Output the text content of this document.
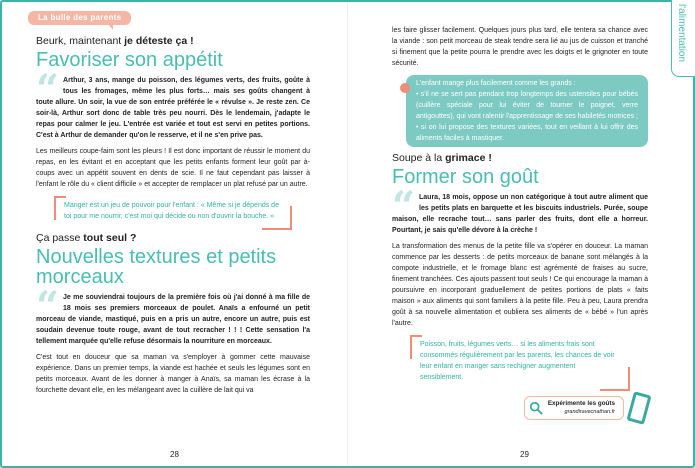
La bulle des parents
Beurk, maintenant je déteste ça !
Favoriser son appétit
“ Arthur, 3 ans, mange du poisson, des légumes verts, des fruits, goûte à tous les fromages, même les plus forts… mais ses goûts changent à toute allure. Un soir, la vue de son entrée préférée le « révulse ». Je reste zen. Ce soir-là, Arthur sort donc de table très peu nourri. Dès le lendemain, j'adapte le repas pour calmer le jeu. L'entrée est variée et tout est servi en petites portions. C'est à Arthur de demander qu'on le resserve, et il ne s'en prive pas.
Les meilleurs coupe-faim sont les pleurs ! Il est donc important de réussir le moment du repas, en les évitant et en acceptant que les petits enfants forment leur goût par à-coups avec un appétit souvent en dents de scie. Il ne faut cependant pas laisser à l'enfant le rôle du « client difficile » et accepter de remplacer un plat refusé par un autre.
Manger est un jeu de pouvoir pour l'enfant : « Même si je dépends de toi pour me nourrir, c'est moi qui décide ou non d'ouvrir la bouche. »
Ça passe tout seul ?
Nouvelles textures et petits morceaux
“ Je me souviendrai toujours de la première fois où j'ai donné à ma fille de 18 mois ses premiers morceaux de poulet. Anaïs a enfourné un petit morceau de viande, mastiqué, puis en a pris un autre, encore un autre, puis est soudain devenue toute rouge, avant de tout recracher ! ! ! Cette sensation l'a tellement marquée qu'elle refuse désormais la nourriture en morceaux.
C'est tout en douceur que sa maman va s'employer à gommer cette mauvaise expérience. Dans un premier temps, la viande est hachée et seuls les légumes sont en petits morceaux. Avant de les donner à manger à Anaïs, sa maman les écrase à la fourchette devant elle, en les mélangeant avec la cuillère de lait qui va
28
l'alimentation
les faire glisser facilement. Quelques jours plus tard, elle tentera sa chance avec la viande : son petit morceau de steak tendre sera lié au jus de cuisson et tranché si finement que la petite pourra le prendre avec les doigts et le grignoter en toute sécurité.
L'enfant mange plus facilement comme les grands :
• s'il ne se sert pas pendant trop longtemps des ustensiles pour bébés (cuillère spéciale pour lui éviter de tourner le poignet, verre antigouttes), qui vont ralentir l'apprentissage de ses habiletés motrices ;
• si on lui propose des textures variées, tout en veillant à lui offrir des aliments faciles à mastiquer.
Soupe à la grimace !
Former son goût
“ Laura, 18 mois, oppose un non catégorique à tout autre aliment que les petits plats en barquette et les biscuits industriels. Purée, soupe maison, elle recrache tout… sans parler des fruits, dont elle a horreur. Pourtant, je sais qu'elle dévore à la crèche !
La transformation des menus de la petite fille va s'opérer en douceur. La maman commence par les desserts : de petits morceaux de banane sont mélangés à la compote industrielle, et le fromage blanc est agrémenté de fraises au sucre, finement tranchées. Ces ajouts passent tout seuls ! Ce qui encourage la maman à poursuivre en incorporant graduellement de petites portions de plats « faits maison » aux aliments qui sont familiers à la petite fille. Peu à peu, Laura prendra goût à sa nouvelle alimentation et oubliera ses aliments de « bébé » l'un après l'autre.
Poisson, fruits, légumes verts… si les aliments frais sont consommés régulièrement par les parents, les chances de voir leur enfant en manger sans rechigner augmentent sensiblement.
Expérimente les goûts
grandiravecnathan.fr
29
